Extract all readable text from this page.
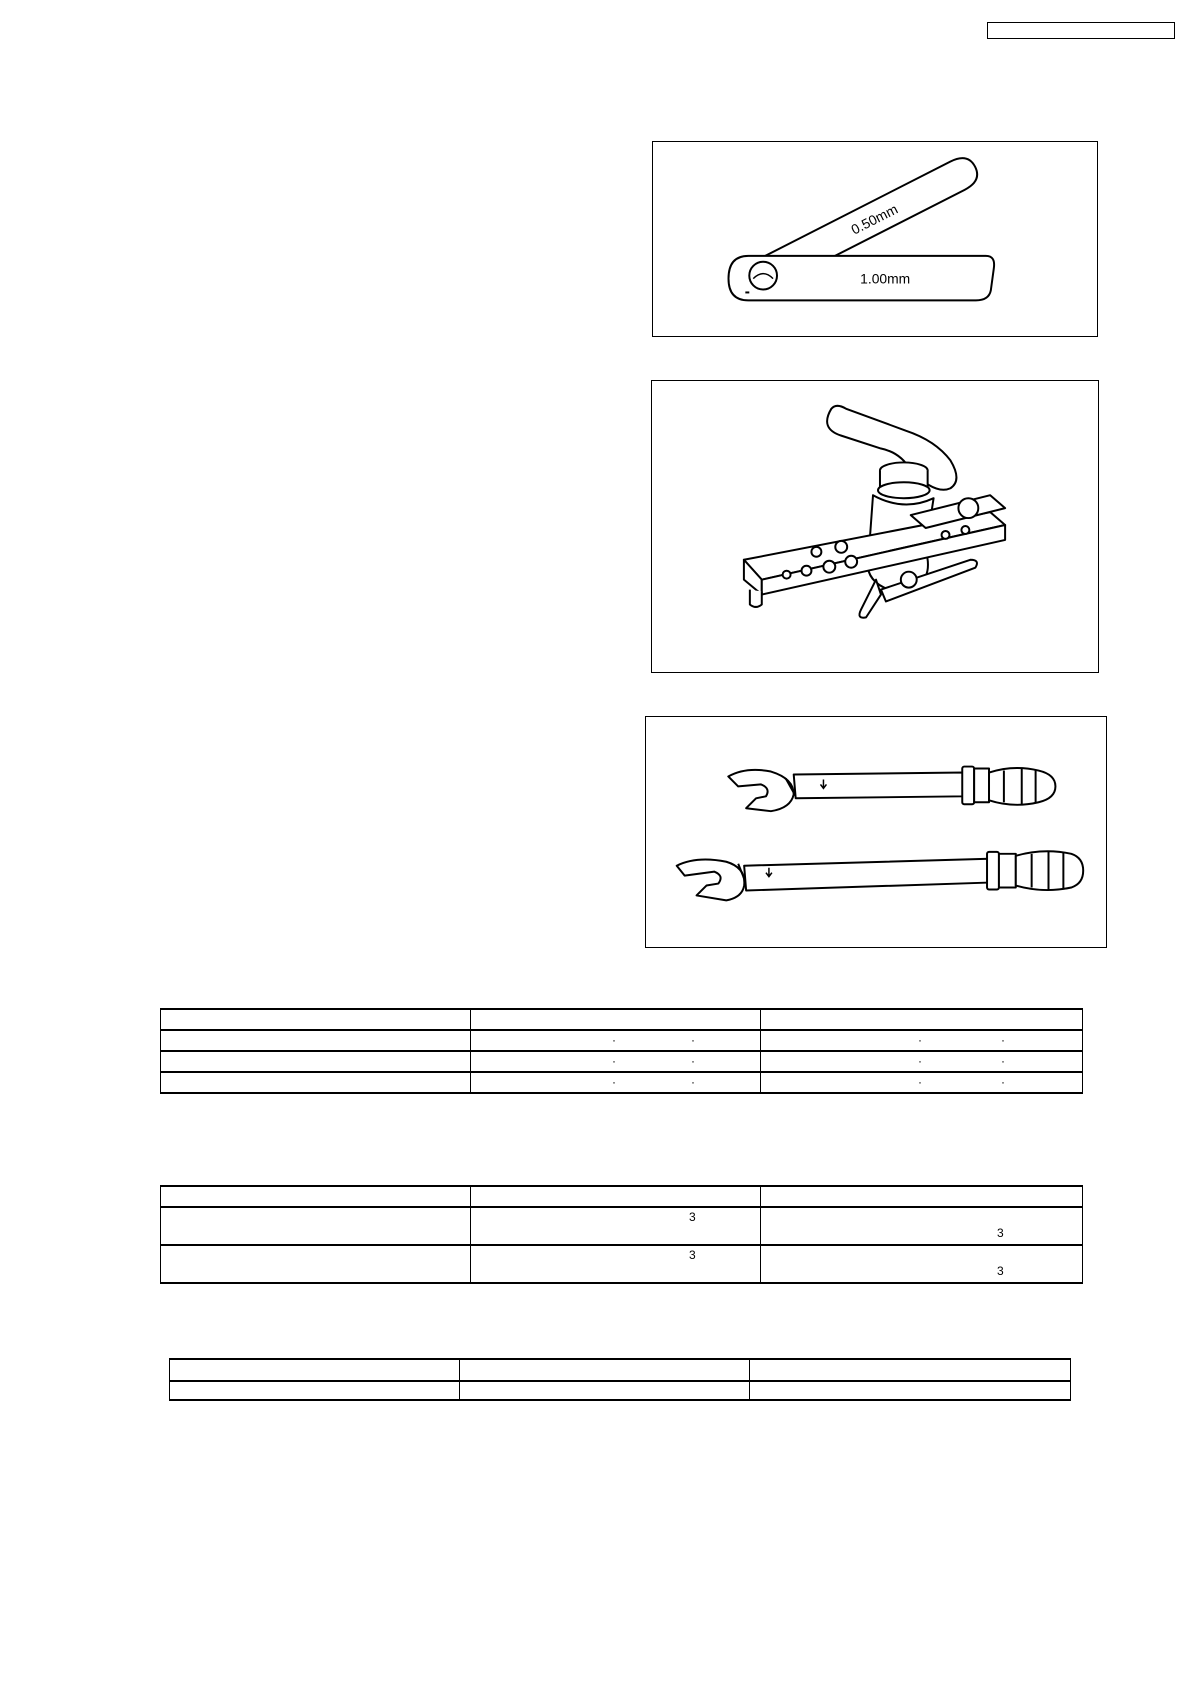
0.50mm
1.00mm

	· ·	· ·

	· ·	· ·

	· ·	· ·

	3	3

	3	3
